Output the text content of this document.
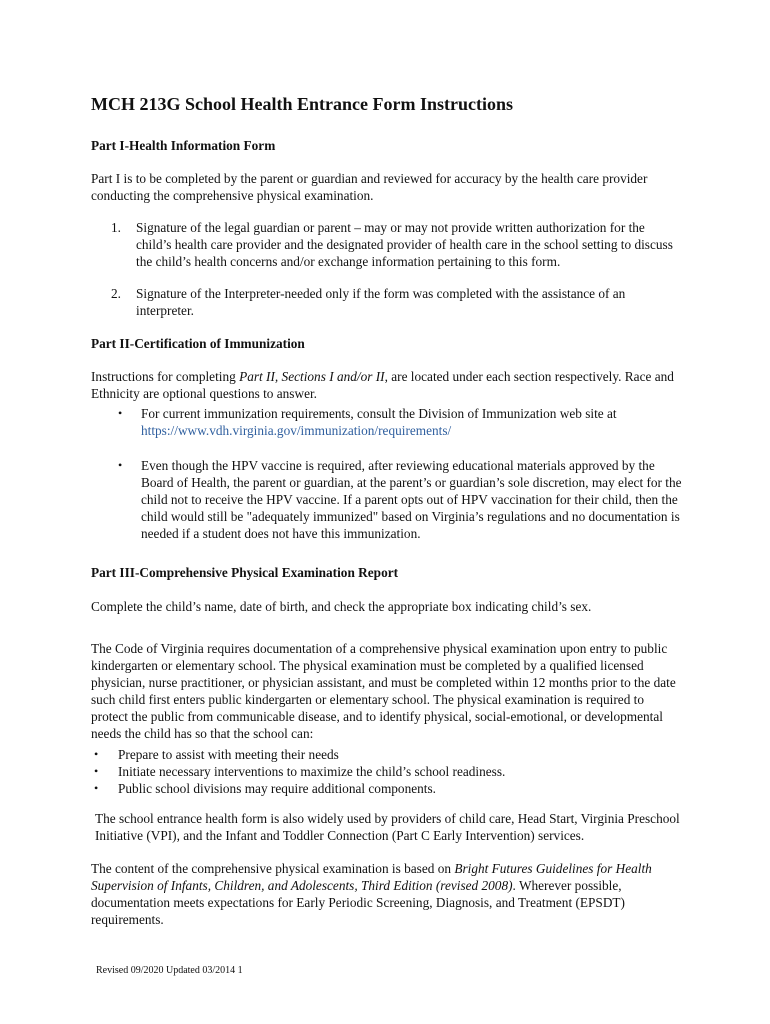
MCH 213G School Health Entrance Form Instructions
Part I-Health Information Form

Part I is to be completed by the parent or guardian and reviewed for accuracy by the health care provider conducting the comprehensive physical examination.

1. Signature of the legal guardian or parent – may or may not provide written authorization for the child’s health care provider and the designated provider of health care in the school setting to discuss the child’s health concerns and/or exchange information pertaining to this form.

2. Signature of the Interpreter-needed only if the form was completed with the assistance of an interpreter.

Part II-Certification of Immunization

Instructions for completing Part II, Sections I and/or II, are located under each section respectively. Race and Ethnicity are optional questions to answer.

• For current immunization requirements, consult the Division of Immunization web site at
https://www.vdh.virginia.gov/immunization/requirements/

• Even though the HPV vaccine is required, after reviewing educational materials approved by the Board of Health, the parent or guardian, at the parent’s or guardian’s sole discretion, may elect for the child not to receive the HPV vaccine. If a parent opts out of HPV vaccination for their child, then the child would still be "adequately immunized" based on Virginia’s regulations and no documentation is needed if a student does not have this immunization.

Part III-Comprehensive Physical Examination Report

Complete the child’s name, date of birth, and check the appropriate box indicating child’s sex.

The Code of Virginia requires documentation of a comprehensive physical examination upon entry to public kindergarten or elementary school. The physical examination must be completed by a qualified licensed physician, nurse practitioner, or physician assistant, and must be completed within 12 months prior to the date such child first enters public kindergarten or elementary school. The physical examination is required to protect the public from communicable disease, and to identify physical, social-emotional, or developmental needs the child has so that the school can:

• Prepare to assist with meeting their needs

• Initiate necessary interventions to maximize the child’s school readiness.

• Public school divisions may require additional components.

The school entrance health form is also widely used by providers of child care, Head Start, Virginia Preschool Initiative (VPI), and the Infant and Toddler Connection (Part C Early Intervention) services.

The content of the comprehensive physical examination is based on Bright Futures Guidelines for Health Supervision of Infants, Children, and Adolescents, Third Edition (revised 2008). Wherever possible, documentation meets expectations for Early Periodic Screening, Diagnosis, and Treatment (EPSDT) requirements.

Revised 09/2020 Updated 03/2014 1
